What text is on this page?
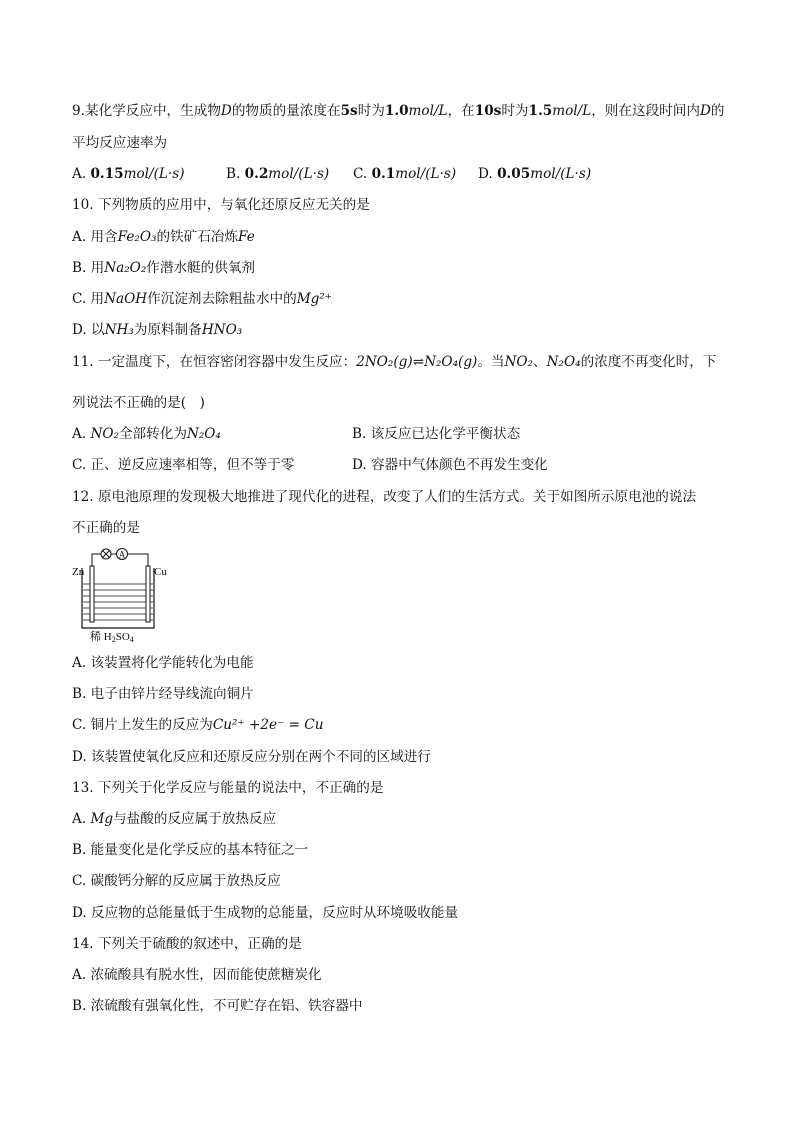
9.某化学反应中，生成物D的物质的量浓度在5s时为1.0mol/L，在10s时为1.5mol/L，则在这段时间内D的
平均反应速率为
A. 0.15mol/(L·s)	B. 0.2mol/(L·s) C. 0.1mol/(L·s) D. 0.05mol/(L·s)
10. 下列物质的应用中，与氧化还原反应无关的是
A. 用含Fe₂O₃的铁矿石冶炼Fe
B. 用Na₂O₂作潜水艇的供氧剂
C. 用NaOH作沉淀剂去除粗盐水中的Mg²⁺
D. 以NH₃为原料制备HNO₃
11. 一定温度下，在恒容密闭容器中发生反应：2NO₂(g)⇌N₂O₄(g)。当NO₂、N₂O₄的浓度不再变化时，下
列说法不正确的是(　)
A. NO₂全部转化为N₂O₄	B. 该反应已达化学平衡状态
C. 正、逆反应速率相等，但不等于零	D. 容器中气体颜色不再发生变化
12. 原电池原理的发现极大地推进了现代化的进程，改变了人们的生活方式。关于如图所示原电池的说法
不正确的是
A
Zn	Cu
稀 H2SO4
A. 该装置将化学能转化为电能
B. 电子由锌片经导线流向铜片
C. 铜片上发生的反应为Cu²⁺ +2e⁻ = Cu
D. 该装置使氧化反应和还原反应分别在两个不同的区域进行
13. 下列关于化学反应与能量的说法中，不正确的是
A. Mg与盐酸的反应属于放热反应
B. 能量变化是化学反应的基本特征之一
C. 碳酸钙分解的反应属于放热反应
D. 反应物的总能量低于生成物的总能量，反应时从环境吸收能量
14. 下列关于硫酸的叙述中，正确的是
A. 浓硫酸具有脱水性，因而能使蔗糖炭化
B. 浓硫酸有强氧化性，不可贮存在铝、铁容器中
